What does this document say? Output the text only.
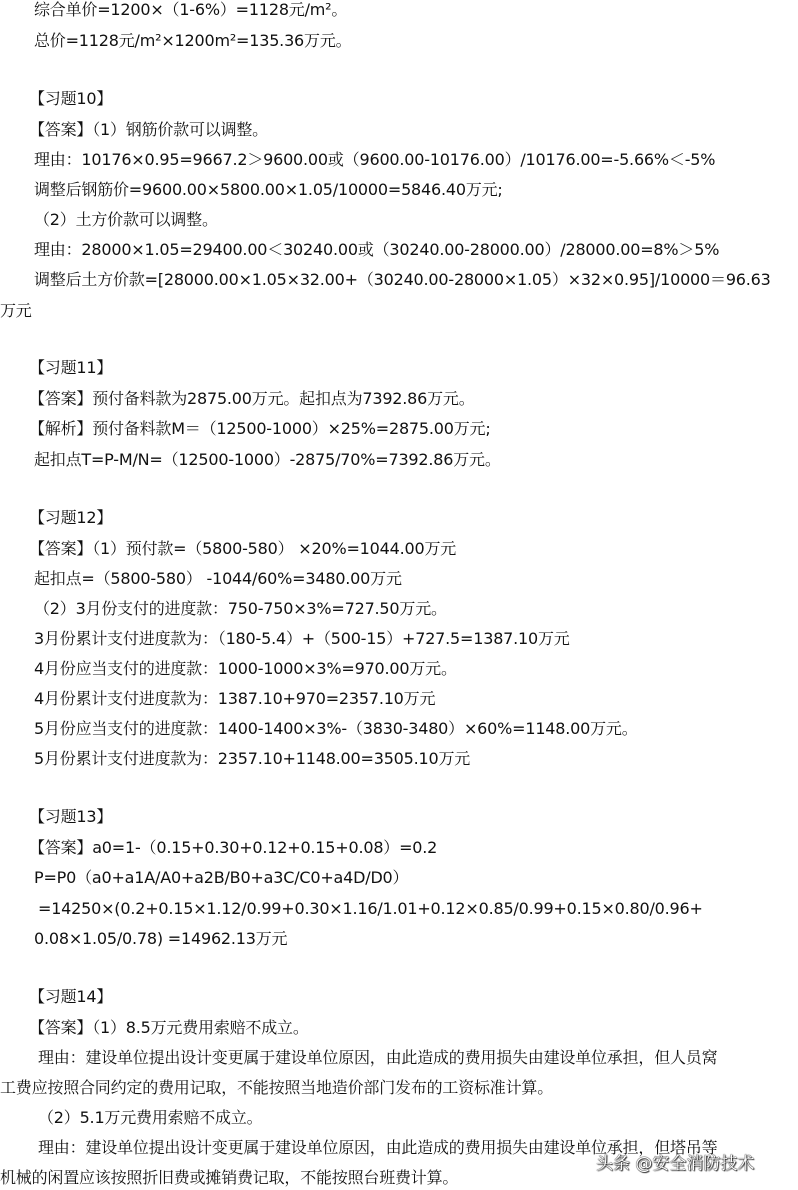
综合单价=1200×（1-6%）=1128元/m²。
总价=1128元/m²×1200m²=135.36万元。
【习题10】
【答案】（1）钢筋价款可以调整。
理由：10176×0.95=9667.2＞9600.00或（9600.00-10176.00）/10176.00=-5.66%＜-5%
调整后钢筋价=9600.00×5800.00×1.05/10000=5846.40万元;
（2）土方价款可以调整。
理由：28000×1.05=29400.00＜30240.00或（30240.00-28000.00）/28000.00=8%＞5%
调整后土方价款=[28000.00×1.05×32.00+（30240.00-28000×1.05）×32×0.95]/10000＝96.63
万元
【习题11】
【答案】预付备料款为2875.00万元。起扣点为7392.86万元。
【解析】预付备料款M＝（12500-1000）×25%=2875.00万元;
起扣点T=P-M/N=（12500-1000）-2875/70%=7392.86万元。
【习题12】
【答案】（1）预付款=（5800-580） ×20%=1044.00万元
起扣点=（5800-580） -1044/60%=3480.00万元
（2）3月份支付的进度款：750-750×3%=727.50万元。
3月份累计支付进度款为：（180-5.4）+（500-15）+727.5=1387.10万元
4月份应当支付的进度款：1000-1000×3%=970.00万元。
4月份累计支付进度款为：1387.10+970=2357.10万元
5月份应当支付的进度款：1400-1400×3%-（3830-3480）×60%=1148.00万元。
5月份累计支付进度款为：2357.10+1148.00=3505.10万元
【习题13】
【答案】a0=1-（0.15+0.30+0.12+0.15+0.08）=0.2
P=P0（a0+a1A/A0+a2B/B0+a3C/C0+a4D/D0）
=14250×(0.2+0.15×1.12/0.99+0.30×1.16/1.01+0.12×0.85/0.99+0.15×0.80/0.96+
0.08×1.05/0.78) =14962.13万元
【习题14】
【答案】（1）8.5万元费用索赔不成立。
理由：建设单位提出设计变更属于建设单位原因，由此造成的费用损失由建设单位承担，但人员窝
工费应按照合同约定的费用记取，不能按照当地造价部门发布的工资标准计算。
（2）5.1万元费用索赔不成立。
理由：建设单位提出设计变更属于建设单位原因，由此造成的费用损失由建设单位承担，但塔吊等
机械的闲置应该按照折旧费或摊销费记取，不能按照台班费计算。
头条 @安全消防技术
